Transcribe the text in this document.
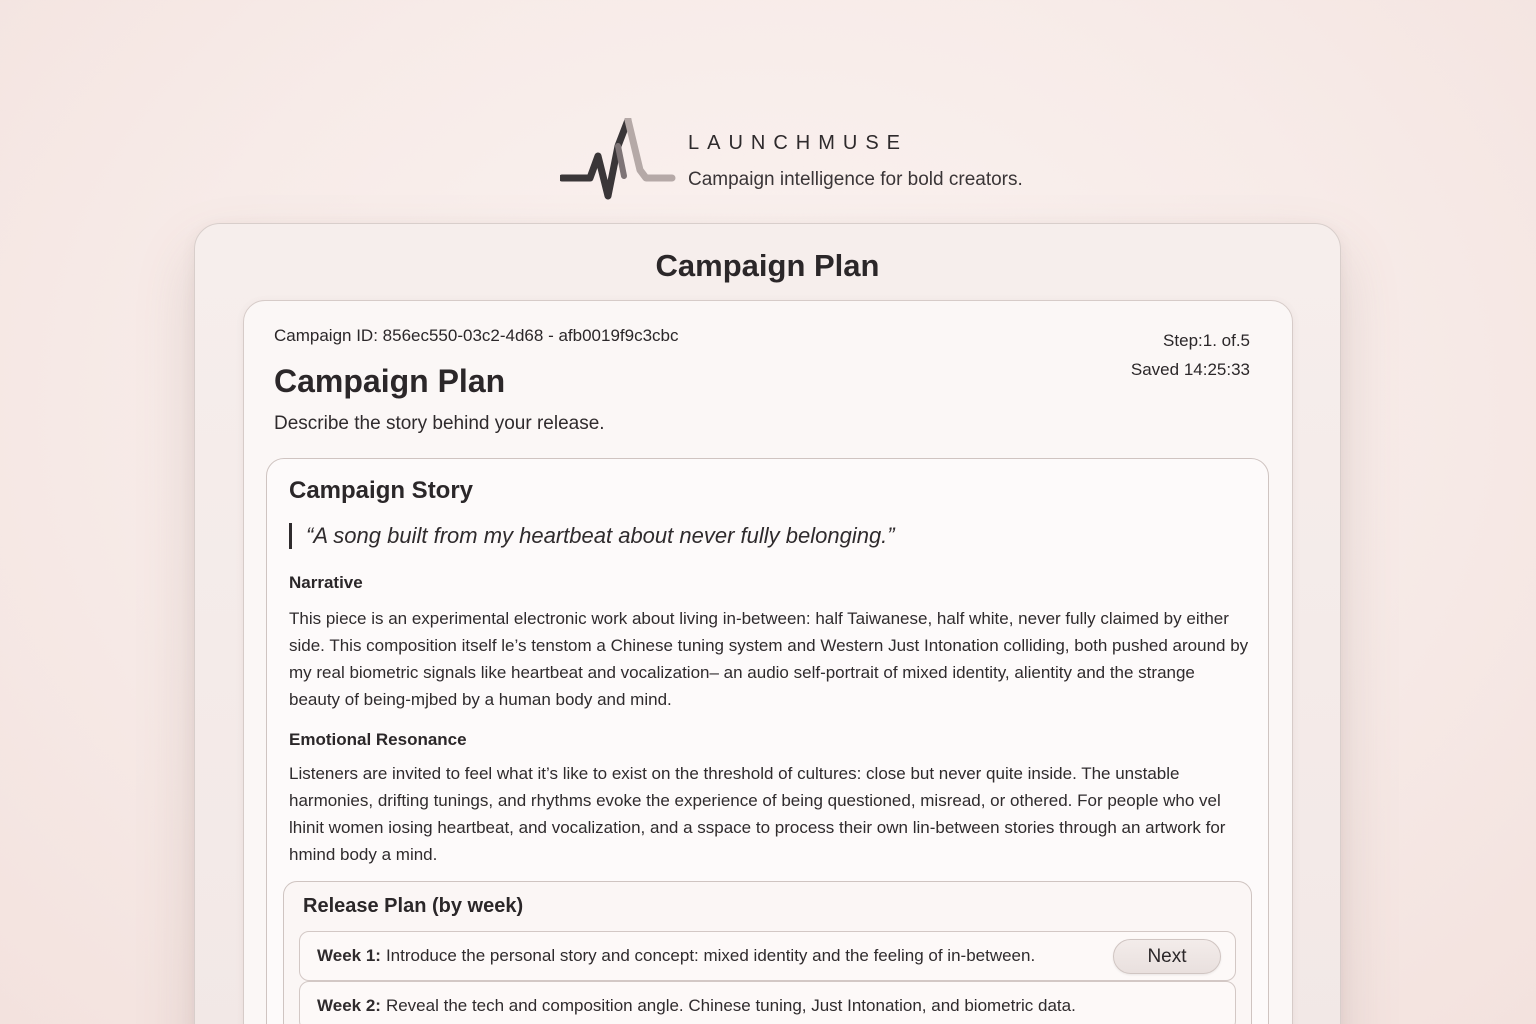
LAUNCHMUSE
Campaign intelligence for bold creators.
Campaign Plan
Campaign ID: 856ec550-03c2-4d68 - afb0019f9c3cbc	Step:1. of.5
Saved 14:25:33
Campaign Plan
Describe the story behind your release.
Campaign Story
“A song built from my heartbeat about never fully belonging.”
Narrative
This piece is an experimental electronic work about living in-between: half Taiwanese, half white, never fully claimed by either side. This composition itself le’s tenstom a Chinese tuning system and Western Just Intonation colliding, both pushed around by my real biometric signals like heartbeat and vocalization– an audio self-portrait of mixed identity, alientity and the strange beauty of being-mjbed by a human body and mind.
Emotional Resonance
Listeners are invited to feel what it’s like to exist on the threshold of cultures: close but never quite inside. The unstable harmonies, drifting tunings, and rhythms evoke the experience of being questioned, misread, or othered. For people who vel lhinit women iosing heartbeat, and vocalization, and a sspace to process their own lin-between stories through an artwork for hmind body a mind.
Release Plan (by week)
Week 1: Introduce the personal story and concept: mixed identity and the feeling of in-between.	Next
Week 2: Reveal the tech and composition angle. Chinese tuning, Just Intonation, and biometric data.
